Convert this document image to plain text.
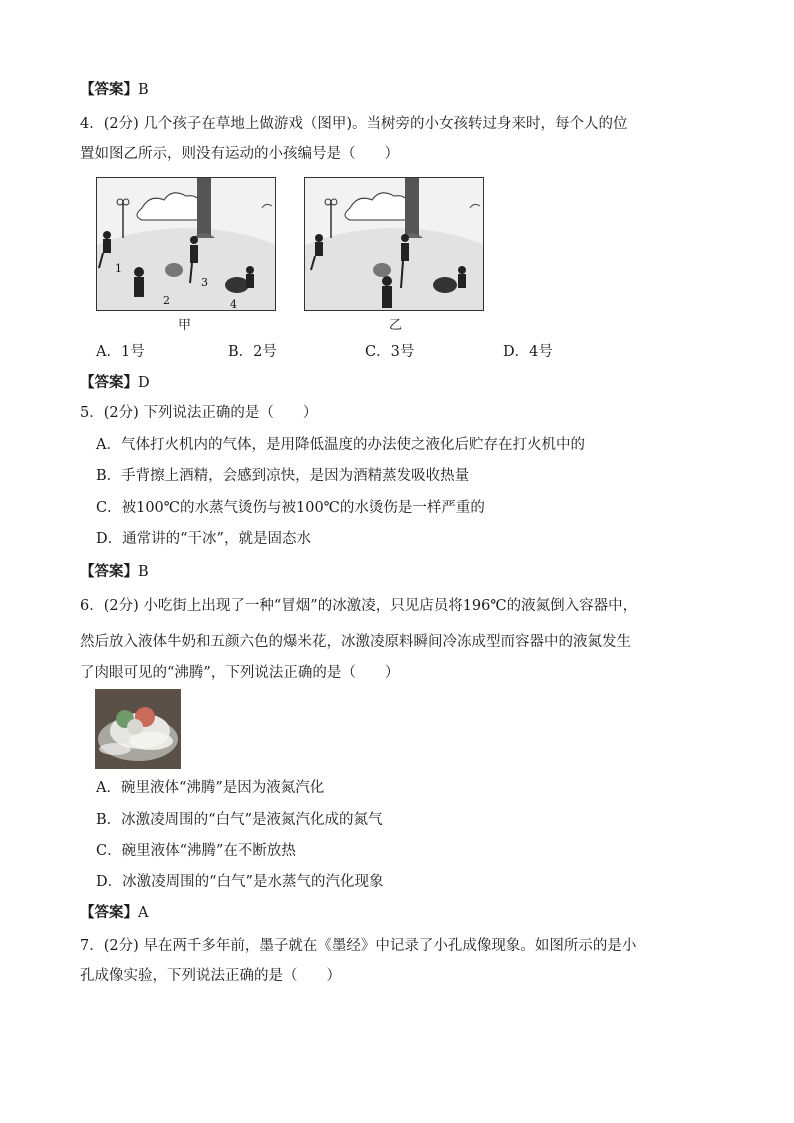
【答案】B
4．(2分) 几个孩子在草地上做游戏（图甲)。当树旁的小女孩转过身来时，每个人的位
置如图乙所示，则没有运动的小孩编号是（　　）
1
2
3
4
甲	乙
A．1号	B．2号	C．3号	D．4号
【答案】D
5．(2分) 下列说法正确的是（　　）
A．气体打火机内的气体，是用降低温度的办法使之液化后贮存在打火机中的
B．手背擦上酒精，会感到凉快，是因为酒精蒸发吸收热量
C．被100℃的水蒸气烫伤与被100℃的水烫伤是一样严重的
D．通常讲的“干冰”，就是固态水
【答案】B
6．(2分) 小吃街上出现了一种“冒烟”的冰激凌，只见店员将196℃的液氮倒入容器中，
然后放入液体牛奶和五颜六色的爆米花，冰激凌原料瞬间冷冻成型而容器中的液氮发生
了肉眼可见的“沸腾”，下列说法正确的是（　　）
A．碗里液体“沸腾”是因为液氮汽化
B．冰激凌周围的“白气”是液氮汽化成的氮气
C．碗里液体“沸腾”在不断放热
D．冰激凌周围的“白气”是水蒸气的汽化现象
【答案】A
7．(2分) 早在两千多年前，墨子就在《墨经》中记录了小孔成像现象。如图所示的是小
孔成像实验，下列说法正确的是（　　）
